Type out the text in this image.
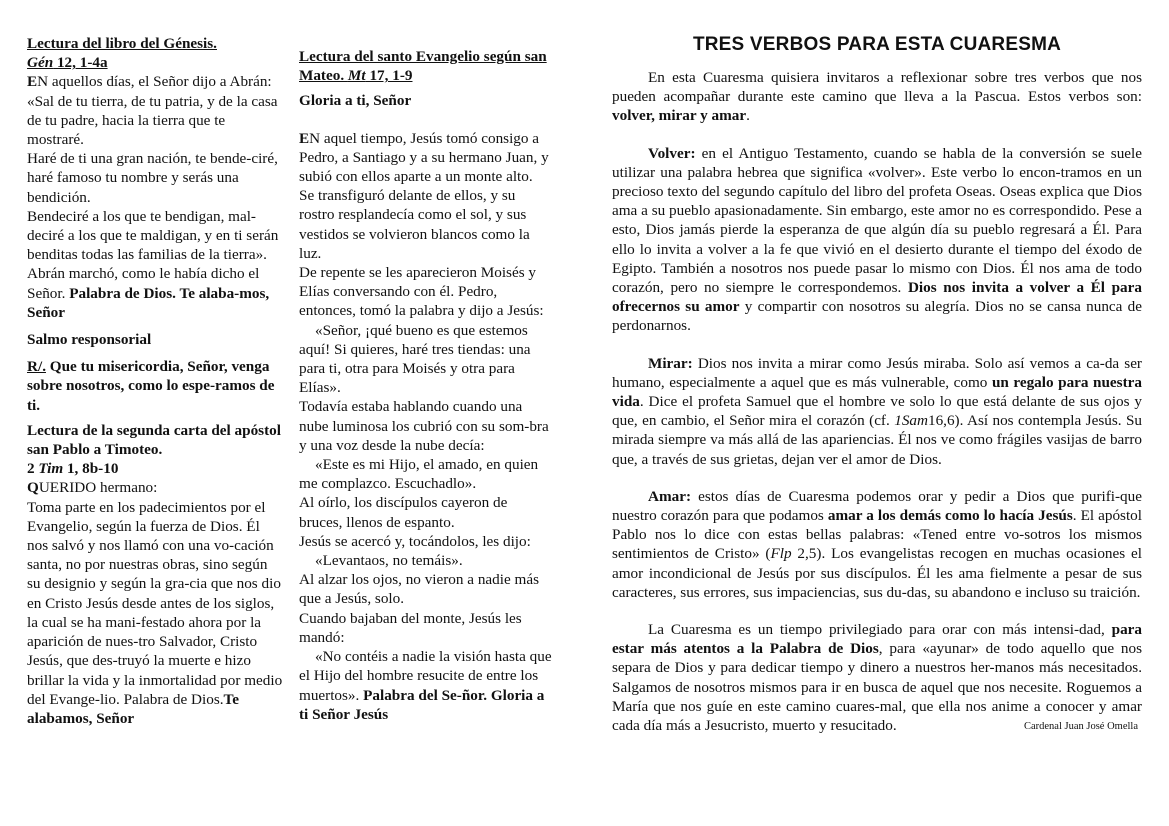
Lectura del libro del Génesis.

Gén 12, 1-4a

EN aquellos días, el Señor dijo a Abrán:

«Sal de tu tierra, de tu patria, y de la casa de tu padre, hacia la tierra que te mostraré.

Haré de ti una gran nación, te bende-ciré, haré famoso tu nombre y serás una bendición.

Bendeciré a los que te bendigan, mal-deciré a los que te maldigan, y en ti serán benditas todas las familias de la tierra».

Abrán marchó, como le había dicho el Señor. Palabra de Dios. Te alaba-mos, Señor

Salmo responsorial

R/. Que tu misericordia, Señor, venga sobre nosotros, como lo espe-ramos de ti.

Lectura de la segunda carta del apóstol san Pablo a Timoteo.

2 Tim 1, 8b-10

QUERIDO hermano:

Toma parte en los padecimientos por el Evangelio, según la fuerza de Dios. Él nos salvó y nos llamó con una vo-cación santa, no por nuestras obras, sino según su designio y según la gra-cia que nos dio en Cristo Jesús desde antes de los siglos, la cual se ha mani-festado ahora por la aparición de nues-tro Salvador, Cristo Jesús, que des-truyó la muerte e hizo brillar la vida y la inmortalidad por medio del Evange-lio. Palabra de Dios.Te alabamos, Señor

Lectura del santo Evangelio según san Mateo. Mt 17, 1-9

Gloria a ti, Señor

EN aquel tiempo, Jesús tomó consigo a Pedro, a Santiago y a su hermano Juan, y subió con ellos aparte a un monte alto.

Se transfiguró delante de ellos, y su rostro resplandecía como el sol, y sus vestidos se volvieron blancos como la luz.

De repente se les aparecieron Moisés y Elías conversando con él. Pedro, entonces, tomó la palabra y dijo a Jesús:

«Señor, ¡qué bueno es que estemos aquí! Si quieres, haré tres tiendas: una para ti, otra para Moisés y otra para Elías».

Todavía estaba hablando cuando una nube luminosa los cubrió con su som-bra y una voz desde la nube decía:

«Este es mi Hijo, el amado, en quien me complazco. Escuchadlo».

Al oírlo, los discípulos cayeron de bruces, llenos de espanto.

Jesús se acercó y, tocándolos, les dijo:

«Levantaos, no temáis».

Al alzar los ojos, no vieron a nadie más que a Jesús, solo.

Cuando bajaban del monte, Jesús les mandó:

«No contéis a nadie la visión hasta que el Hijo del hombre resucite de entre los muertos». Palabra del Se-ñor. Gloria a ti Señor Jesús

TRES VERBOS PARA ESTA CUARESMA

En esta Cuaresma quisiera invitaros a reflexionar sobre tres verbos que nos pueden acompañar durante este camino que lleva a la Pascua. Estos verbos son: volver, mirar y amar.

Volver: en el Antiguo Testamento, cuando se habla de la conversión se suele utilizar una palabra hebrea que significa «volver». Este verbo lo encon-tramos en un precioso texto del segundo capítulo del libro del profeta Oseas. Oseas explica que Dios ama a su pueblo apasionadamente. Sin embargo, este amor no es correspondido. Pese a esto, Dios jamás pierde la esperanza de que algún día su pueblo regresará a Él. Para ello lo invita a volver a la fe que vivió en el desierto durante el tiempo del éxodo de Egipto. También a nosotros nos puede pasar lo mismo con Dios. Él nos ama de todo corazón, pero no siempre le correspondemos. Dios nos invita a volver a Él para ofrecernos su amor y compartir con nosotros su alegría. Dios no se cansa nunca de perdonarnos.

Mirar: Dios nos invita a mirar como Jesús miraba. Solo así vemos a ca-da ser humano, especialmente a aquel que es más vulnerable, como un regalo para nuestra vida. Dice el profeta Samuel que el hombre ve solo lo que está delante de sus ojos y que, en cambio, el Señor mira el corazón (cf. 1Sam16,6). Así nos contempla Jesús. Su mirada siempre va más allá de las apariencias. Él nos ve como frágiles vasijas de barro que, a través de sus grietas, dejan ver el amor de Dios.

Amar: estos días de Cuaresma podemos orar y pedir a Dios que purifi-que nuestro corazón para que podamos amar a los demás como lo hacía Jesús. El apóstol Pablo nos lo dice con estas bellas palabras: «Tened entre vo-sotros los mismos sentimientos de Cristo» (Flp 2,5). Los evangelistas recogen en muchas ocasiones el amor incondicional de Jesús por sus discípulos. Él les ama fielmente a pesar de sus caracteres, sus errores, sus impaciencias, sus du-das, su abandono e incluso su traición.

La Cuaresma es un tiempo privilegiado para orar con más intensi-dad, para estar más atentos a la Palabra de Dios, para «ayunar» de todo aquello que nos separa de Dios y para dedicar tiempo y dinero a nuestros her-manos más necesitados. Salgamos de nosotros mismos para ir en busca de aquel que nos necesite. Roguemos a María que nos guíe en este camino cuares-mal, que ella nos anime a conocer y amar cada día más a Jesucristo, muerto y resucitado.	Cardenal Juan José Omella
